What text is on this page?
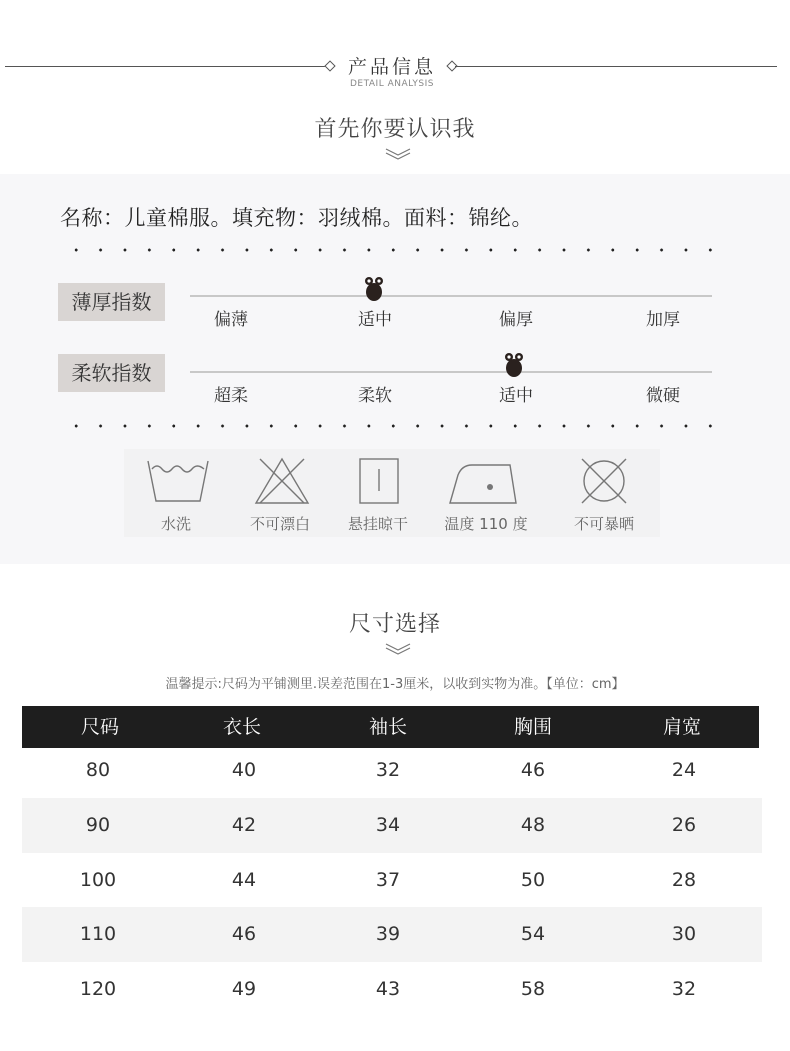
产品信息
DETAIL ANALYSIS
首先你要认识我
名称：儿童棉服。填充物：羽绒棉。面料：锦纶。
薄厚指数
偏薄	适中	偏厚	加厚
柔软指数
超柔	柔软	适中	微硬
水洗	不可漂白	悬挂晾干	温度 110 度	不可暴晒
尺寸选择
温馨提示:尺码为平铺测里.误差范围在1-3厘米，以收到实物为准。【单位：cm】
尺码	衣长	袖长	胸围	肩宽
80	40	32	46	24
90	42	34	48	26
100	44	37	50	28
110	46	39	54	30
120	49	43	58	32
